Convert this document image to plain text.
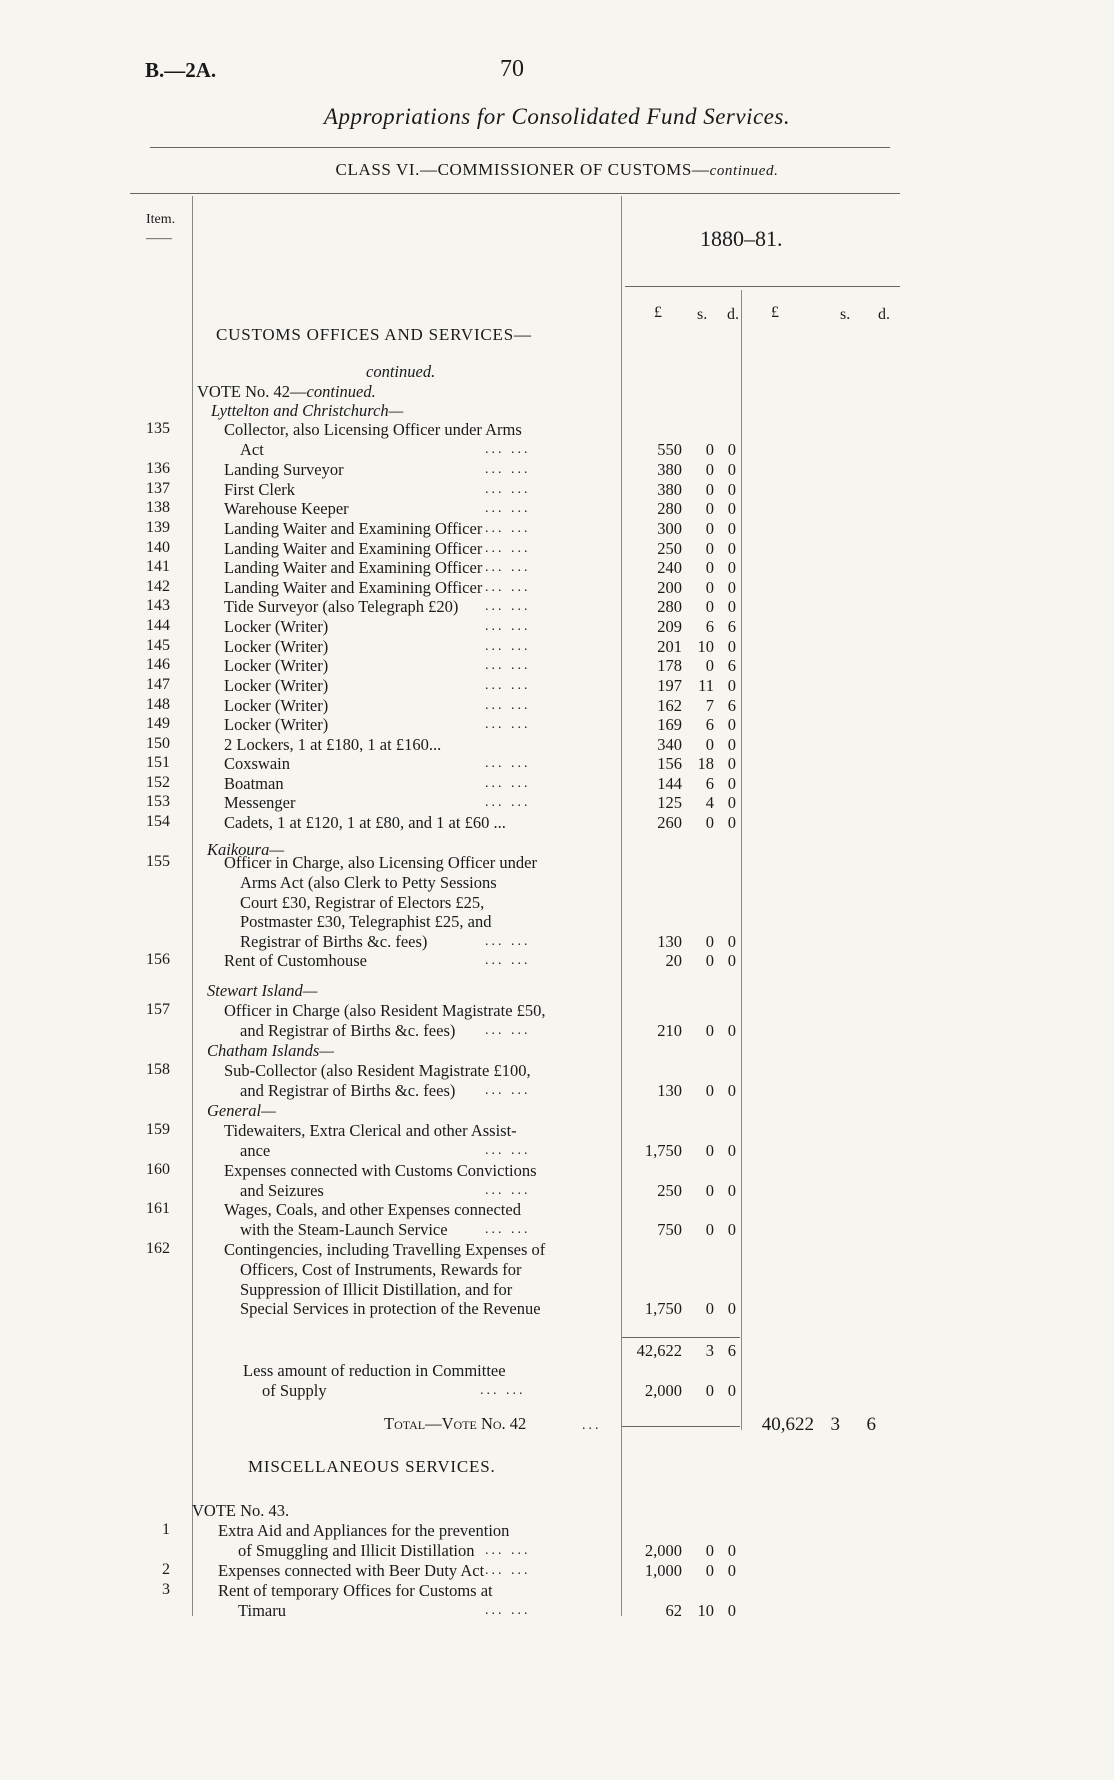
B.—2A.	70
Appropriations for Consolidated Fund Services.
CLASS VI.—COMMISSIONER OF CUSTOMS—continued.
Item.
——	1880–81.
£ s. d. £	s. d.
CUSTOMS OFFICES AND SERVICES—
continued.
VOTE No. 42—continued.
Lyttelton and Christchurch—
Kaikoura—
Stewart Island—
Chatham Islands—
General—
135	Collector, also Licensing Officer under Arms
Act	... ...	550	0 0
136	Landing Surveyor	... ...	380	0 0
137	First Clerk	... ...	380	0 0
138	Warehouse Keeper	... ...	280	0 0
139	Landing Waiter and Examining Officer ... ...	300	0 0
140	Landing Waiter and Examining Officer ... ...	250	0 0
141	Landing Waiter and Examining Officer ... ...	240	0 0
142	Landing Waiter and Examining Officer ... ...	200	0 0
143	Tide Surveyor (also Telegraph £20) ... ...	280	0 0
144	Locker (Writer)	... ...	209	6 6
145	Locker (Writer)	... ...	201 10 0
146	Locker (Writer)	... ...	178	0 6
147	Locker (Writer)	... ...	197 11 0
148	Locker (Writer)	... ...	162	7 6
149	Locker (Writer)	... ...	169	6 0
150	2 Lockers, 1 at £180, 1 at £160...	340	0 0
151	Coxswain	... ...	156 18 0
152	Boatman	... ...	144	6 0
153	Messenger	... ...	125	4 0
154	Cadets, 1 at £120, 1 at £80, and 1 at £60 ...	260	0 0
155	Officer in Charge, also Licensing Officer under
Arms Act (also Clerk to Petty Sessions
Court £30, Registrar of Electors £25,
Postmaster £30, Telegraphist £25, and
Registrar of Births &c. fees)	... ...	130	0 0
156	Rent of Customhouse	... ...	20	0 0
157	Officer in Charge (also Resident Magistrate £50,
and Registrar of Births &c. fees) ... ...	210	0 0
158	Sub-Collector (also Resident Magistrate £100,
and Registrar of Births &c. fees) ... ...	130	0 0
159	Tidewaiters, Extra Clerical and other Assist-
ance	... ...	1,750	0 0
160	Expenses connected with Customs Convictions
and Seizures	... ...	250	0 0
161	Wages, Coals, and other Expenses connected
with the Steam-Launch Service	... ...	750	0 0
162	Contingencies, including Travelling Expenses of
Officers, Cost of Instruments, Rewards for
Suppression of Illicit Distillation, and for
Special Services in protection of the Revenue	1,750	0 0
42,622	3 6
Less amount of reduction in Committee
of Supply	... ...	2,000	0 0
Total—Vote No. 42	...	40,622 3	6
MISCELLANEOUS SERVICES.
VOTE No. 43.
1	Extra Aid and Appliances for the prevention
of Smuggling and Illicit Distillation ... ...	2,000	0 0
2	Expenses connected with Beer Duty Act ... ...	1,000	0 0
3	Rent of temporary Offices for Customs at
Timaru	... ...	62 10 0
